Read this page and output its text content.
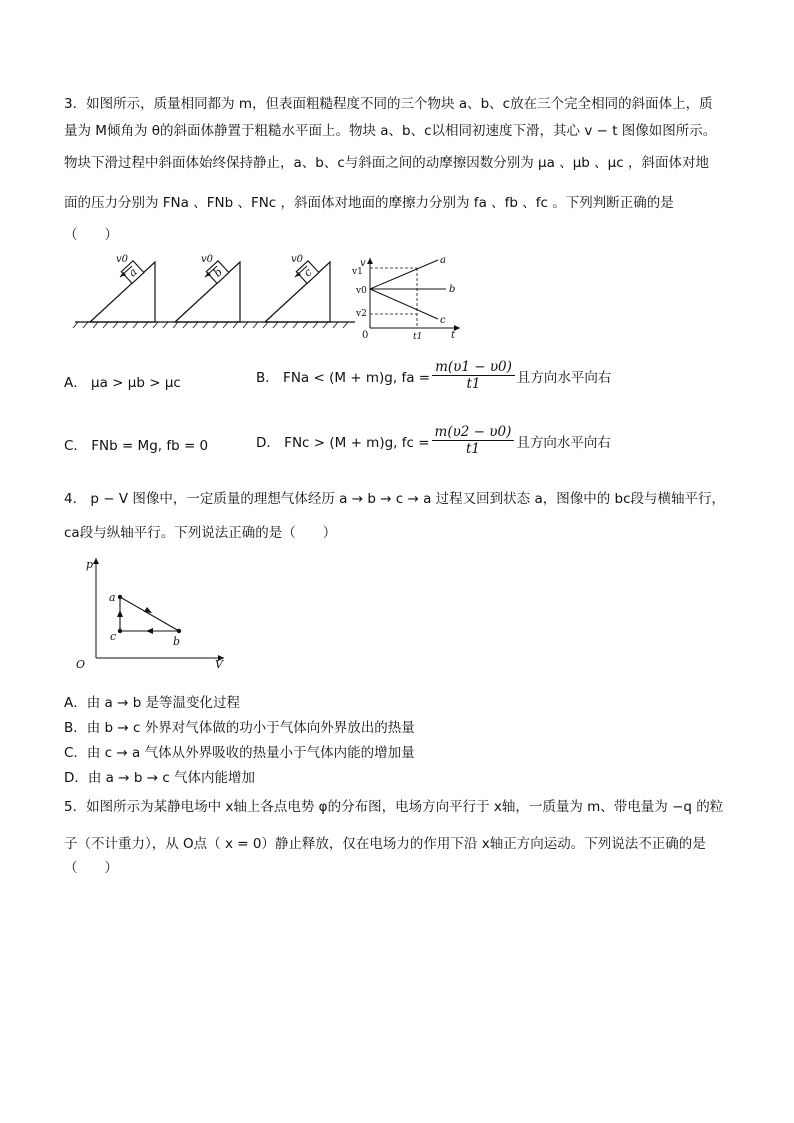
3．如图所示，质量相同都为 m，但表面粗糙程度不同的三个物块 a、b、c放在三个完全相同的斜面体上，质
量为 M倾角为 θ的斜面体静置于粗糙水平面上。物块 a、b、c以相同初速度下滑，其心 v − t 图像如图所示。
物块下滑过程中斜面体始终保持静止，a、b、c与斜面之间的动摩擦因数分别为 μa 、μb 、μc ，斜面体对地
面的压力分别为 FNa 、FNb 、FNc ，斜面体对地面的摩擦力分别为 fa 、fb 、fc 。下列判断正确的是
（　　）
a
v0
b
v0
c
v0	v
t
0
a
b
c
v1
v0
v2
t1
A． μa > μb > μc	B． FNa < (M + m)g, fa = $\frac{m(\upsilon 1 - \upsilon 0)}{t1}$ 且方向水平向右
C． FNb = Mg, fb = 0	D． FNc > (M + m)g, fc = $\frac{m(\upsilon 2 - \upsilon 0)}{t1}$ 且方向水平向右
4． p − V 图像中，一定质量的理想气体经历 a → b → c → a 过程又回到状态 a，图像中的 bc段与横轴平行，
ca段与纵轴平行。下列说法正确的是（　　）
p
V
O
a
b
c
A．由 a → b 是等温变化过程
B．由 b → c 外界对气体做的功小于气体向外界放出的热量
C．由 c → a 气体从外界吸收的热量小于气体内能的增加量
D．由 a → b → c 气体内能增加
5．如图所示为某静电场中 x轴上各点电势 φ的分布图，电场方向平行于 x轴，一质量为 m、带电量为 −q 的粒
子（不计重力），从 O点（ x = 0）静止释放，仅在电场力的作用下沿 x轴正方向运动。下列说法不正确的是
（　　）
